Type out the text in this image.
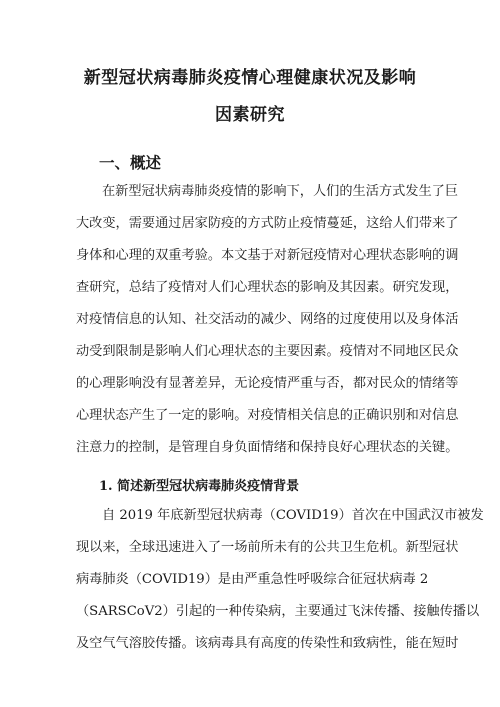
新型冠状病毒肺炎疫情心理健康状况及影响
因素研究
一、概述
在新型冠状病毒肺炎疫情的影响下，人们的生活方式发生了巨
大改变，需要通过居家防疫的方式防止疫情蔓延，这给人们带来了
身体和心理的双重考验。本文基于对新冠疫情对心理状态影响的调
查研究，总结了疫情对人们心理状态的影响及其因素。研究发现，
对疫情信息的认知、社交活动的减少、网络的过度使用以及身体活
动受到限制是影响人们心理状态的主要因素。疫情对不同地区民众
的心理影响没有显著差异，无论疫情严重与否，都对民众的情绪等
心理状态产生了一定的影响。对疫情相关信息的正确识别和对信息
注意力的控制，是管理自身负面情绪和保持良好心理状态的关键。
1. 简述新型冠状病毒肺炎疫情背景
自 2019 年底新型冠状病毒（COVID19）首次在中国武汉市被发
现以来，全球迅速进入了一场前所未有的公共卫生危机。新型冠状
病毒肺炎（COVID19）是由严重急性呼吸综合征冠状病毒 2
（SARSCoV2）引起的一种传染病，主要通过飞沫传播、接触传播以
及空气气溶胶传播。该病毒具有高度的传染性和致病性，能在短时
